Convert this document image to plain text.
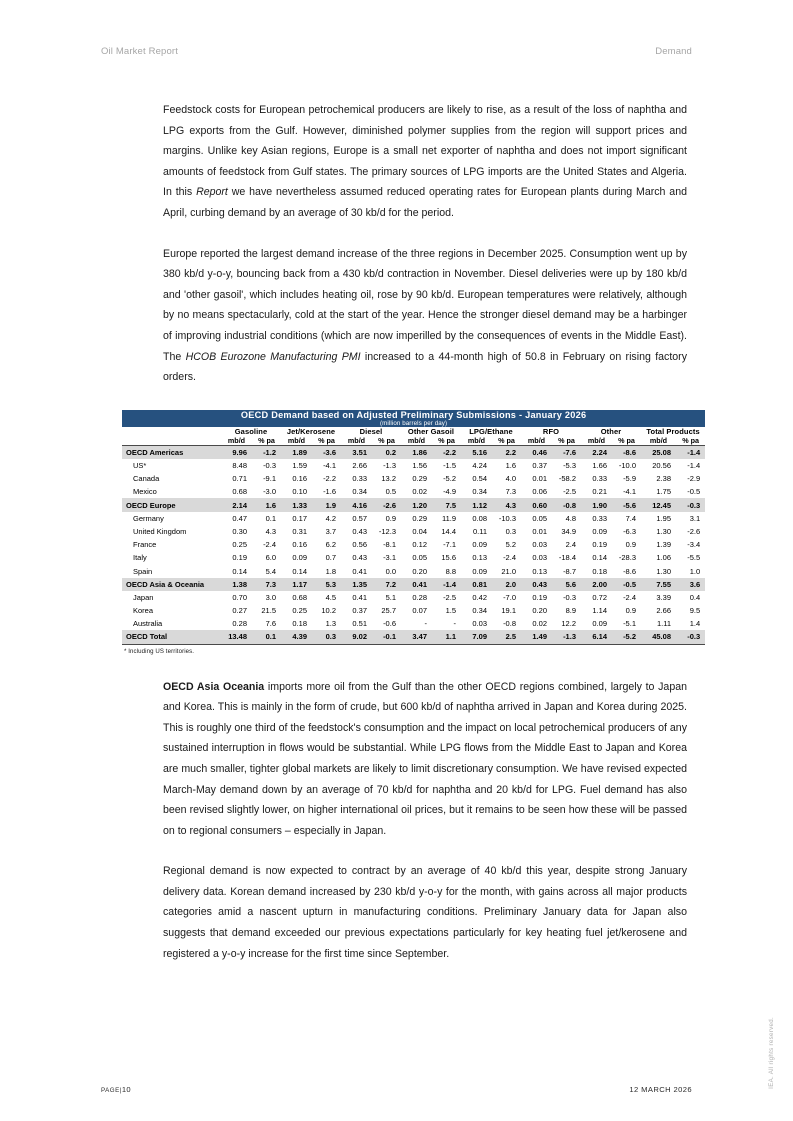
Oil Market Report	Demand

Feedstock costs for European petrochemical producers are likely to rise, as a result of the loss of naphtha and LPG exports from the Gulf. However, diminished polymer supplies from the region will support prices and margins. Unlike key Asian regions, Europe is a small net exporter of naphtha and does not import significant amounts of feedstock from Gulf states. The primary sources of LPG imports are the United States and Algeria. In this Report we have nevertheless assumed reduced operating rates for European plants during March and April, curbing demand by an average of 30 kb/d for the period.

Europe reported the largest demand increase of the three regions in December 2025. Consumption went up by 380 kb/d y-o-y, bouncing back from a 430 kb/d contraction in November. Diesel deliveries were up by 180 kb/d and 'other gasoil', which includes heating oil, rose by 90 kb/d. European temperatures were relatively, although by no means spectacularly, cold at the start of the year. Hence the stronger diesel demand may be a harbinger of improving industrial conditions (which are now imperilled by the consequences of events in the Middle East). The HCOB Eurozone Manufacturing PMI increased to a 44-month high of 50.8 in February on rising factory orders.

OECD Demand based on Adjusted Preliminary Submissions - January 2026																
(million barrels per day)																
	Gasoline		Jet/Kerosene		Diesel		Other Gasoil		LPG/Ethane		RFO		Other		Total Products	
	mb/d	% pa	mb/d	% pa	mb/d	% pa	mb/d	% pa	mb/d	% pa	mb/d	% pa	mb/d	% pa	mb/d	% pa
OECD Americas	9.96	-1.2	1.89	-3.6	3.51	0.2	1.86	-2.2	5.16	2.2	0.46	-7.6	2.24	-8.6	25.08	-1.4
US*	8.48	-0.3	1.59	-4.1	2.66	-1.3	1.56	-1.5	4.24	1.6	0.37	-5.3	1.66	-10.0	20.56	-1.4
Canada	0.71	-9.1	0.16	-2.2	0.33	13.2	0.29	-5.2	0.54	4.0	0.01	-58.2	0.33	-5.9	2.38	-2.9
Mexico	0.68	-3.0	0.10	-1.6	0.34	0.5	0.02	-4.9	0.34	7.3	0.06	-2.5	0.21	-4.1	1.75	-0.5
OECD Europe	2.14	1.6	1.33	1.9	4.16	-2.6	1.20	7.5	1.12	4.3	0.60	-0.8	1.90	-5.6	12.45	-0.3
Germany	0.47	0.1	0.17	4.2	0.57	0.9	0.29	11.9	0.08	-10.3	0.05	4.8	0.33	7.4	1.95	3.1
United Kingdom	0.30	4.3	0.31	3.7	0.43	-12.3	0.04	14.4	0.11	0.3	0.01	34.9	0.09	-6.3	1.30	-2.6
France	0.25	-2.4	0.16	6.2	0.56	-8.1	0.12	-7.1	0.09	5.2	0.03	2.4	0.19	0.9	1.39	-3.4
Italy	0.19	6.0	0.09	0.7	0.43	-3.1	0.05	15.6	0.13	-2.4	0.03	-18.4	0.14	-28.3	1.06	-5.5
Spain	0.14	5.4	0.14	1.8	0.41	0.0	0.20	8.8	0.09	21.0	0.13	-8.7	0.18	-8.6	1.30	1.0
OECD Asia & Oceania	1.38	7.3	1.17	5.3	1.35	7.2	0.41	-1.4	0.81	2.0	0.43	5.6	2.00	-0.5	7.55	3.6
Japan	0.70	3.0	0.68	4.5	0.41	5.1	0.28	-2.5	0.42	-7.0	0.19	-0.3	0.72	-2.4	3.39	0.4
Korea	0.27	21.5	0.25	10.2	0.37	25.7	0.07	1.5	0.34	19.1	0.20	8.9	1.14	0.9	2.66	9.5
Australia	0.28	7.6	0.18	1.3	0.51	-0.6	-	-	0.03	-0.8	0.02	12.2	0.09	-5.1	1.11	1.4
OECD Total	13.48	0.1	4.39	0.3	9.02	-0.1	3.47	1.1	7.09	2.5	1.49	-1.3	6.14	-5.2	45.08	-0.3
* Including US territories.

OECD Asia Oceania imports more oil from the Gulf than the other OECD regions combined, largely to Japan and Korea. This is mainly in the form of crude, but 600 kb/d of naphtha arrived in Japan and Korea during 2025. This is roughly one third of the feedstock's consumption and the impact on local petrochemical producers of any sustained interruption in flows would be substantial. While LPG flows from the Middle East to Japan and Korea are much smaller, tighter global markets are likely to limit discretionary consumption. We have revised expected March-May demand down by an average of 70 kb/d for naphtha and 20 kb/d for LPG. Fuel demand has also been revised slightly lower, on higher international oil prices, but it remains to be seen how these will be passed on to regional consumers – especially in Japan.

Regional demand is now expected to contract by an average of 40 kb/d this year, despite strong January delivery data. Korean demand increased by 230 kb/d y-o-y for the month, with gains across all major products categories amid a nascent upturn in manufacturing conditions. Preliminary January data for Japan also suggests that demand exceeded our previous expectations particularly for key heating fuel jet/kerosene and registered a y-o-y increase for the first time since September.

PAGE|10	12 MARCH 2026
IEA. All rights reserved.
